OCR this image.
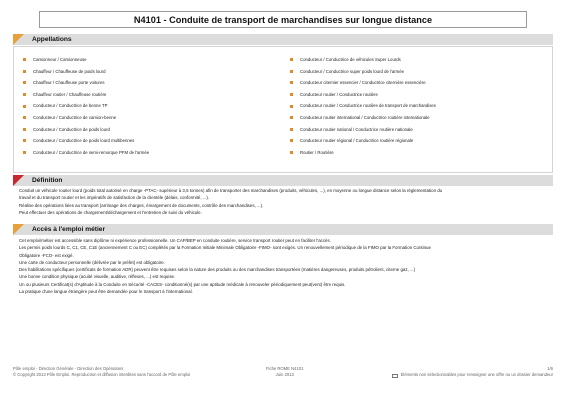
N4101 - Conduite de transport de marchandises sur longue distance
Appellations
Camionneur / Camionneuse
Chauffeur / Chauffeuse de poids lourd
Chauffeur / Chauffeuse porte voitures
Chauffeur routier / Chauffeuse routière
Conducteur / Conductrice de benne TP
Conducteur / Conductrice de camion-benne
Conducteur / Conductrice de poids lourd
Conducteur / Conductrice de poids lourd multibennes
Conducteur / Conductrice de semi-remorque PFM de l'armée
Conducteur / Conductrice de véhicules Super Lourds
Conducteur / Conductrice super poids lourd de l'armée
Conducteur citernier essencier / Conductrice citernière essencière
Conducteur routier / Conductrice routière
Conducteur routier / Conductrice routière de transport de marchandises
Conducteur routier international / Conductrice routière internationale
Conducteur routier national / Conductrice routière nationale
Conducteur routier régional / Conductrice routière régionale
Routier / Routière
Définition

Conduit un véhicule routier lourd (poids total autorisé en charge -PTAC- supérieur à 3,5 tonnes) afin de transporter des marchandises (produits, véhicules, ...), en moyenne ou longue distance selon la réglementation du

travail et du transport routier et les impératifs de satisfaction de la clientèle (délais, conformité, ...).

Réalise des opérations liées au transport (arrimage des charges, émargement de documents, contrôle des marchandises, ...).

Peut effectuer des opérations de chargement/déchargement et l'entretien de suivi du véhicule.

Accès à l'emploi métier

Cet emploi/métier est accessible sans diplôme ni expérience professionnelle. Un CAP/BEP en conduite routière, service transport routier peut en faciliter l'accès.

Les permis poids lourds C, C1, CE, C1E (anciennement C ou EC) complétés par la Formation Initiale Minimale Obligatoire -FIMO- sont exigés. Un renouvellement périodique de la FIMO par la Formation Continue

Obligatoire -FCO- est exigé.

Une carte de conducteur personnelle (délivrée par le préfet) est obligatoire.

Des habilitations spécifiques (certificats de formation ADR) peuvent être requises selon la nature des produits ou des marchandises transportées (matières dangereuses, produits pétroliers, citerne gaz, ...)

Une bonne condition physique (acuité visuelle, auditive, réflexes, ...) est requise.

Un ou plusieurs Certificat(s) d'Aptitude à la Conduite en Sécurité -CACES- conditionné(s) par une aptitude médicale à renouveler périodiquement peut(vent) être requis.

La pratique d'une langue étrangère peut être demandée pour le transport à l'international.

Pôle emploi - Direction Générale - Direction des Opérations
© Copyright 2013 Pôle Emploi. Reproduction et diffusion interdites sans l'accord de Pôle emploi
Fiche ROME N4101
Juin 2013
1/6
Eléments non sélectionnables pour renseigner une offre ou un dossier demandeur
